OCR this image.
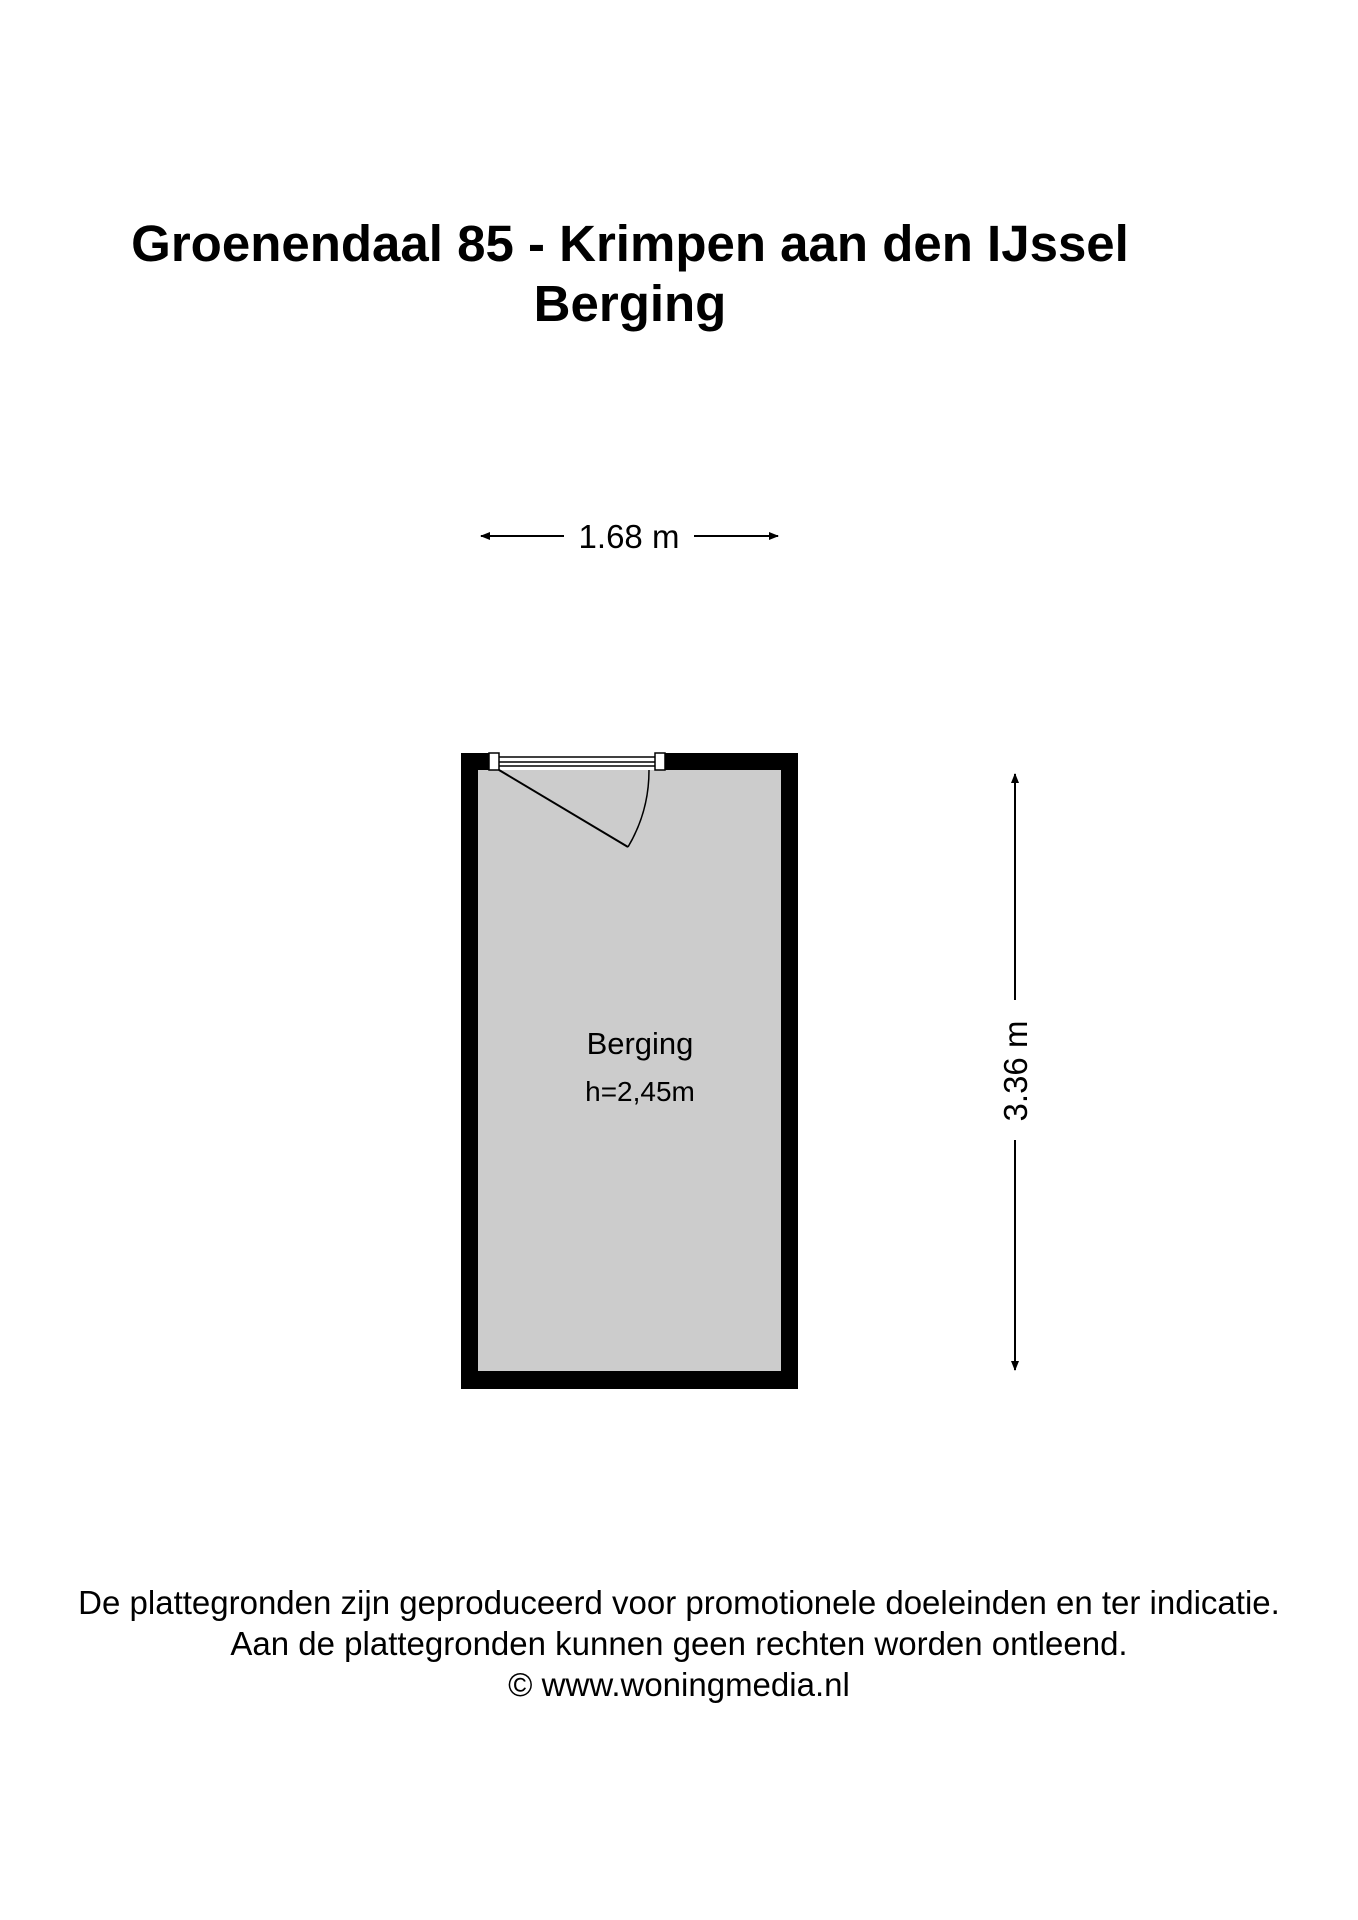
Groenendaal 85 - Krimpen aan den IJssel
Berging
1.68 m
Berging
h=2,45m	3.36 m
De plattegronden zijn geproduceerd voor promotionele doeleinden en ter indicatie.
Aan de plattegronden kunnen geen rechten worden ontleend.
© www.woningmedia.nl
